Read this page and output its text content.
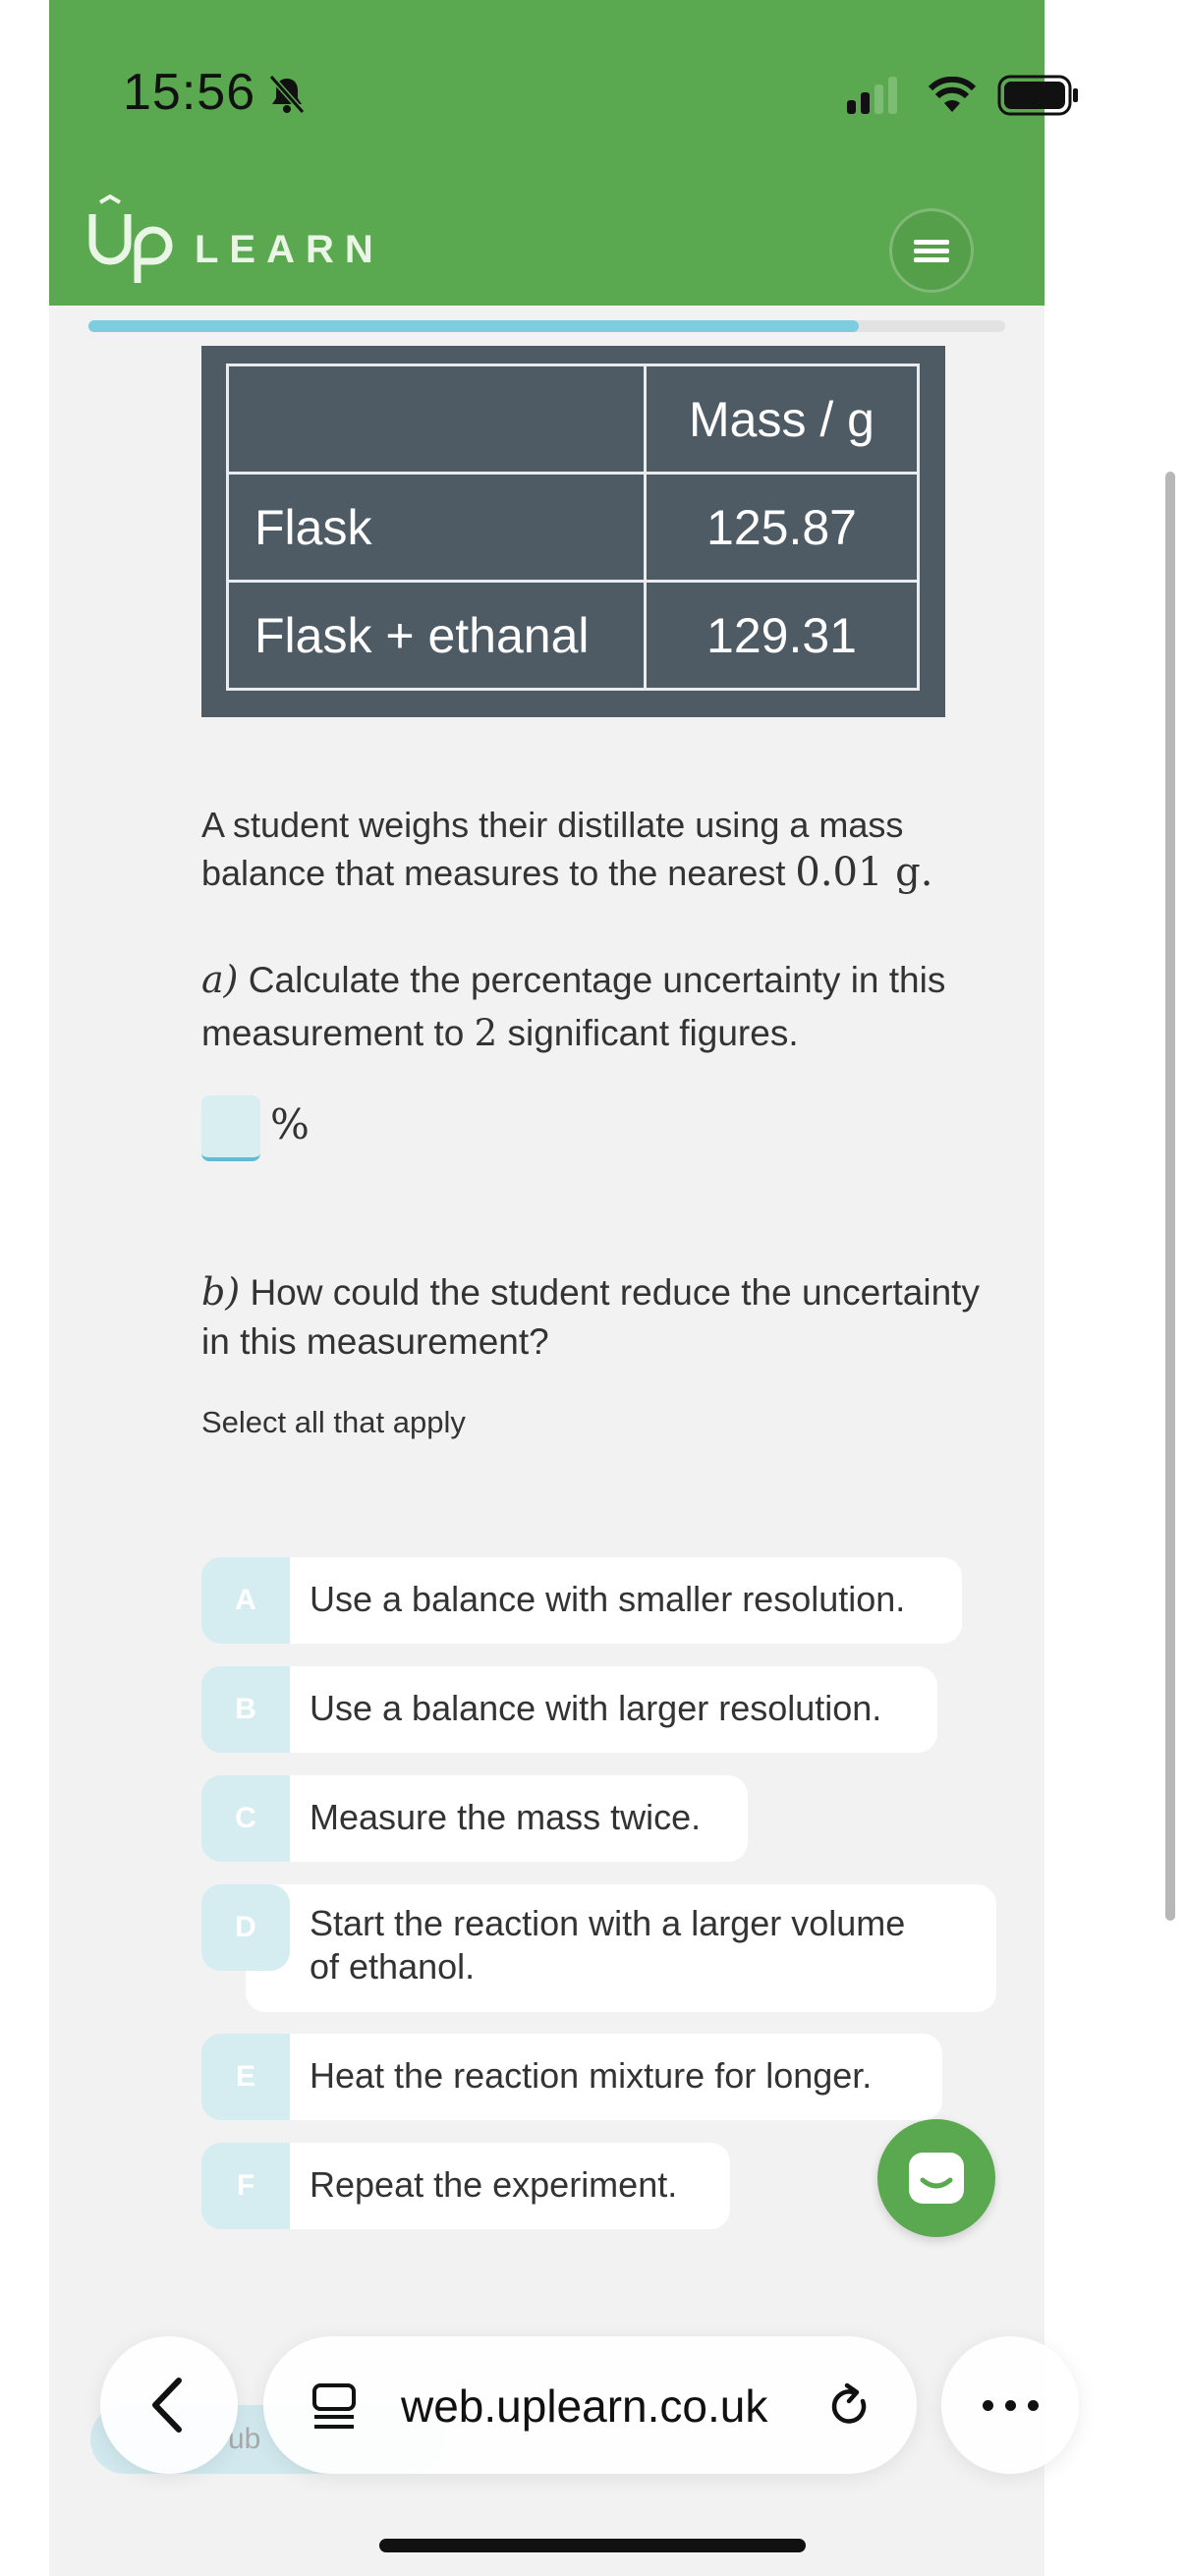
15:56
LEARN
	Mass / g
Flask	125.87
Flask + ethanal	129.31
A student weighs their distillate using a mass
balance that measures to the nearest 0.01 g.
a) Calculate the percentage uncertainty in this
measurement to 2 significant figures.
%
b) How could the student reduce the uncertainty
in this measurement?
Select all that apply
A	Use a balance with smaller resolution.
B	Use a balance with larger resolution.
C	Measure the mass twice.
Start the reaction with a larger volume
of ethanol.
D
E	Heat the reaction mixture for longer.
F	Repeat the experiment.
ub
web.uplearn.co.uk
